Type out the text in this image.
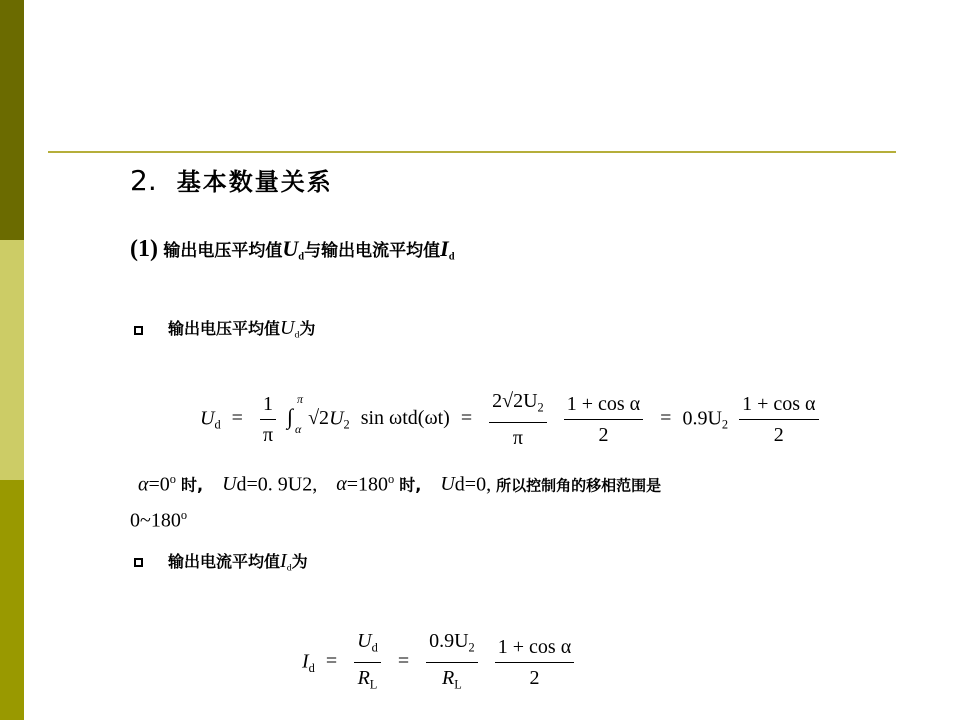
2. 基本数量关系
(1) 输出电压平均值$U_d$与输出电流平均值$I_d$
输出电压平均值$U_d$为
$U_d = \frac{1}{\pi}$ ∫
π
α $√2U_2$ $\sin \omega td(\omega t) = \frac{2√2U_2}{\pi}$
$\frac{\text{1 + cos α}}{2} = 0.9U_2 \frac{\text{1 + cos α}}{2}$
$\alpha=0^o$ 时, Ud=0. 9U2, $\alpha=180^o$ 时, Ud=0, 所以控制角的移相范围是
0~180$^o$
输出电流平均值$I_d$为
$I_d = \frac{U_d}{R_L} = \frac{0.9U_2}{R_L}$
$\frac{\text{1 + cos α}}{2}$
